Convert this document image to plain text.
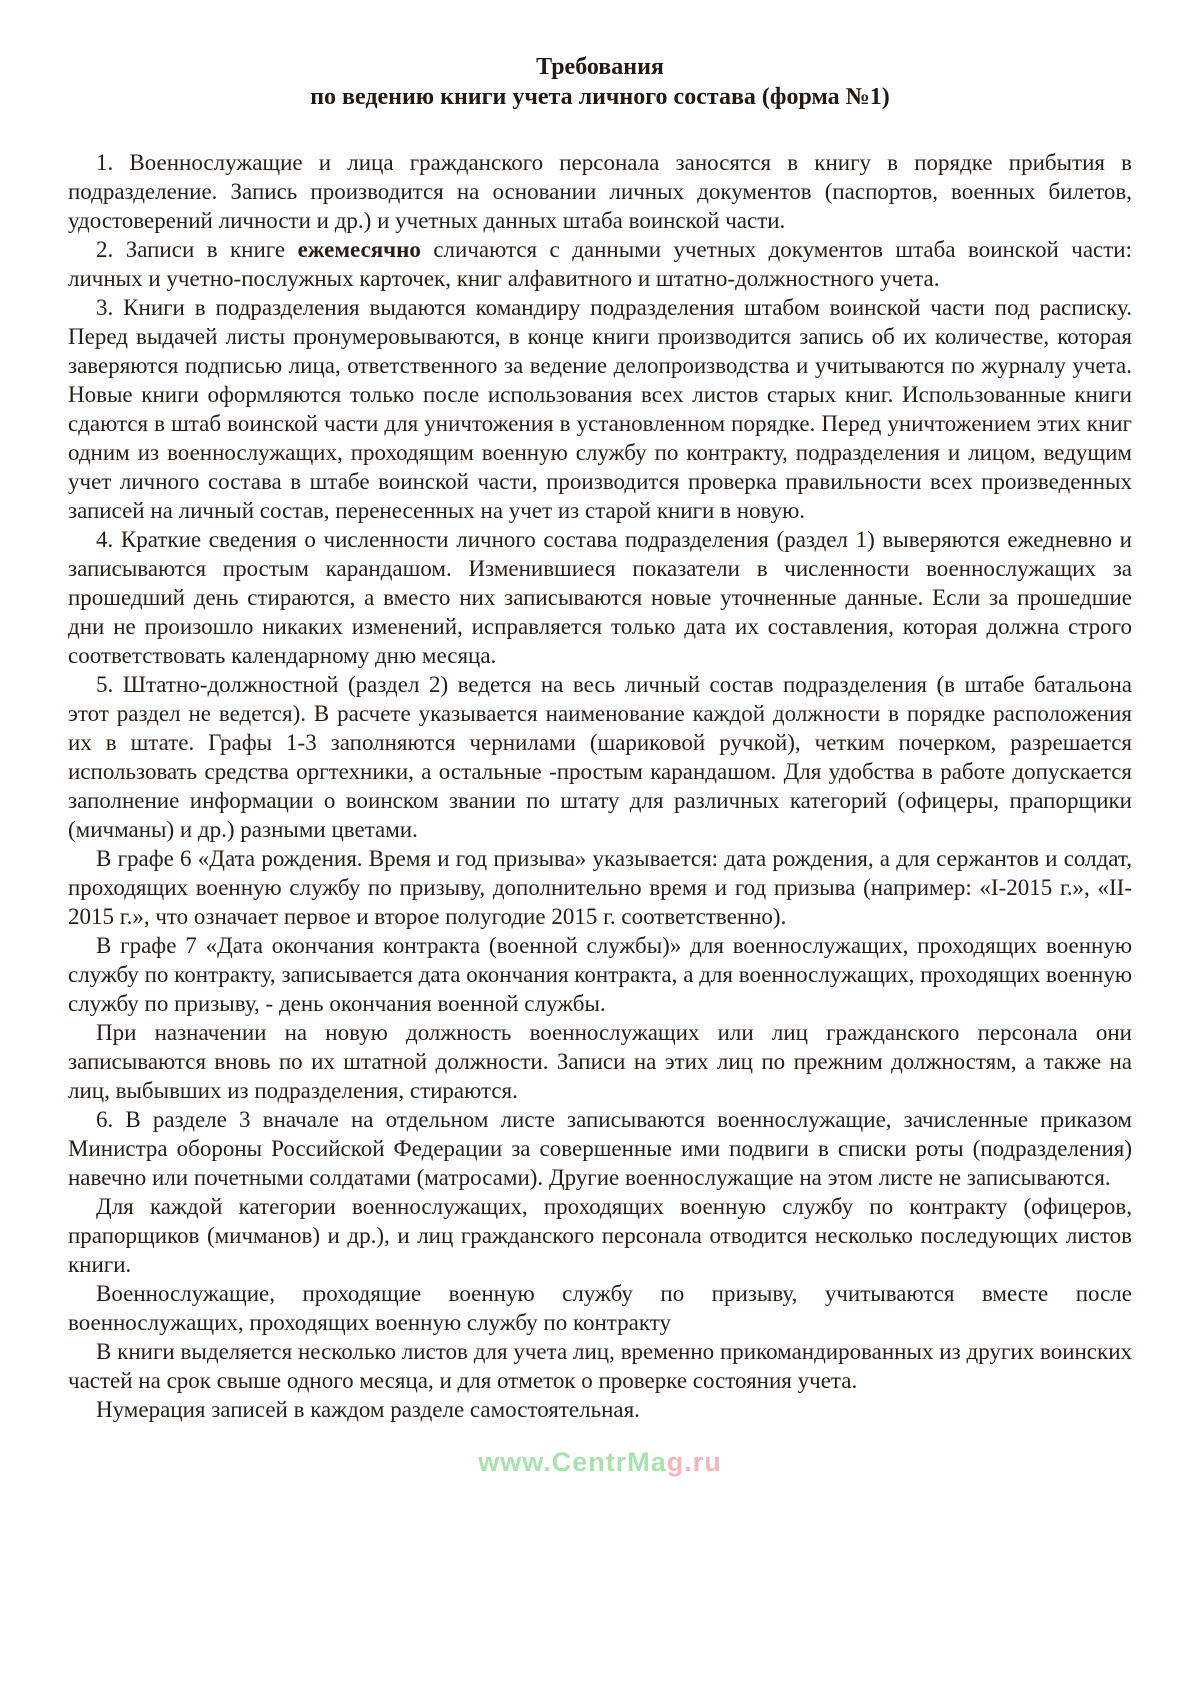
Требования
по ведению книги учета личного состава (форма №1)

1. Военнослужащие и лица гражданского персонала заносятся в книгу в порядке прибытия в подразделение. Запись производится на основании личных документов (паспортов, военных билетов, удостоверений личности и др.) и учетных данных штаба воинской части.

2. Записи в книге ежемесячно сличаются с данными учетных документов штаба воинской части: личных и учетно-послужных карточек, книг алфавитного и штатно-должностного учета.

3. Книги в подразделения выдаются командиру подразделения штабом воинской части под расписку. Перед выдачей листы пронумеровываются, в конце книги производится запись об их количестве, которая заверяются подписью лица, ответственного за ведение делопроизводства и учитываются по журналу учета. Новые книги оформляются только после использования всех листов старых книг. Использованные книги сдаются в штаб воинской части для уничтожения в установленном порядке. Перед уничтожением этих книг одним из военнослужащих, проходящим военную службу по контракту, подразделения и лицом, ведущим учет личного состава в штабе воинской части, производится проверка правильности всех произведенных записей на личный состав, перенесенных на учет из старой книги в новую.

4. Краткие сведения о численности личного состава подразделения (раздел 1) выверяются ежедневно и записываются простым карандашом. Изменившиеся показатели в численности военнослужащих за прошедший день стираются, а вместо них записываются новые уточненные данные. Если за прошедшие дни не произошло никаких изменений, исправляется только дата их составления, которая должна строго соответствовать календарному дню месяца.

5. Штатно-должностной (раздел 2) ведется на весь личный состав подразделения (в штабе батальона этот раздел не ведется). В расчете указывается наименование каждой должности в порядке расположения их в штате. Графы 1-3 заполняются чернилами (шариковой ручкой), четким почерком, разрешается использовать средства оргтехники, а остальные -простым карандашом. Для удобства в работе допускается заполнение информации о воинском звании по штату для различных категорий (офицеры, прапорщики (мичманы) и др.) разными цветами.

В графе 6 «Дата рождения. Время и год призыва» указывается: дата рождения, а для сержантов и солдат, проходящих военную службу по призыву, дополнительно время и год призыва (например: «I-2015 г.», «II-2015 г.», что означает первое и второе полугодие 2015 г. соответственно).

В графе 7 «Дата окончания контракта (военной службы)» для военнослужащих, проходящих военную службу по контракту, записывается дата окончания контракта, а для военнослужащих, проходящих военную службу по призыву, - день окончания военной службы.

При назначении на новую должность военнослужащих или лиц гражданского персонала они записываются вновь по их штатной должности. Записи на этих лиц по прежним должностям, а также на лиц, выбывших из подразделения, стираются.

6. В разделе 3 вначале на отдельном листе записываются военнослужащие, зачисленные приказом Министра обороны Российской Федерации за совершенные ими подвиги в списки роты (подразделения) навечно или почетными солдатами (матросами). Другие военнослужащие на этом листе не записываются.

Для каждой категории военнослужащих, проходящих военную службу по контракту (офицеров, прапорщиков (мичманов) и др.), и лиц гражданского персонала отводится несколько последующих листов книги.

Военнослужащие, проходящие военную службу по призыву, учитываются вместе после военнослужащих, проходящих военную службу по контракту

В книги выделяется несколько листов для учета лиц, временно прикомандированных из других воинских частей на срок свыше одного месяца, и для отметок о проверке состояния учета.

Нумерация записей в каждом разделе самостоятельная.

www.CentrMag.ru
